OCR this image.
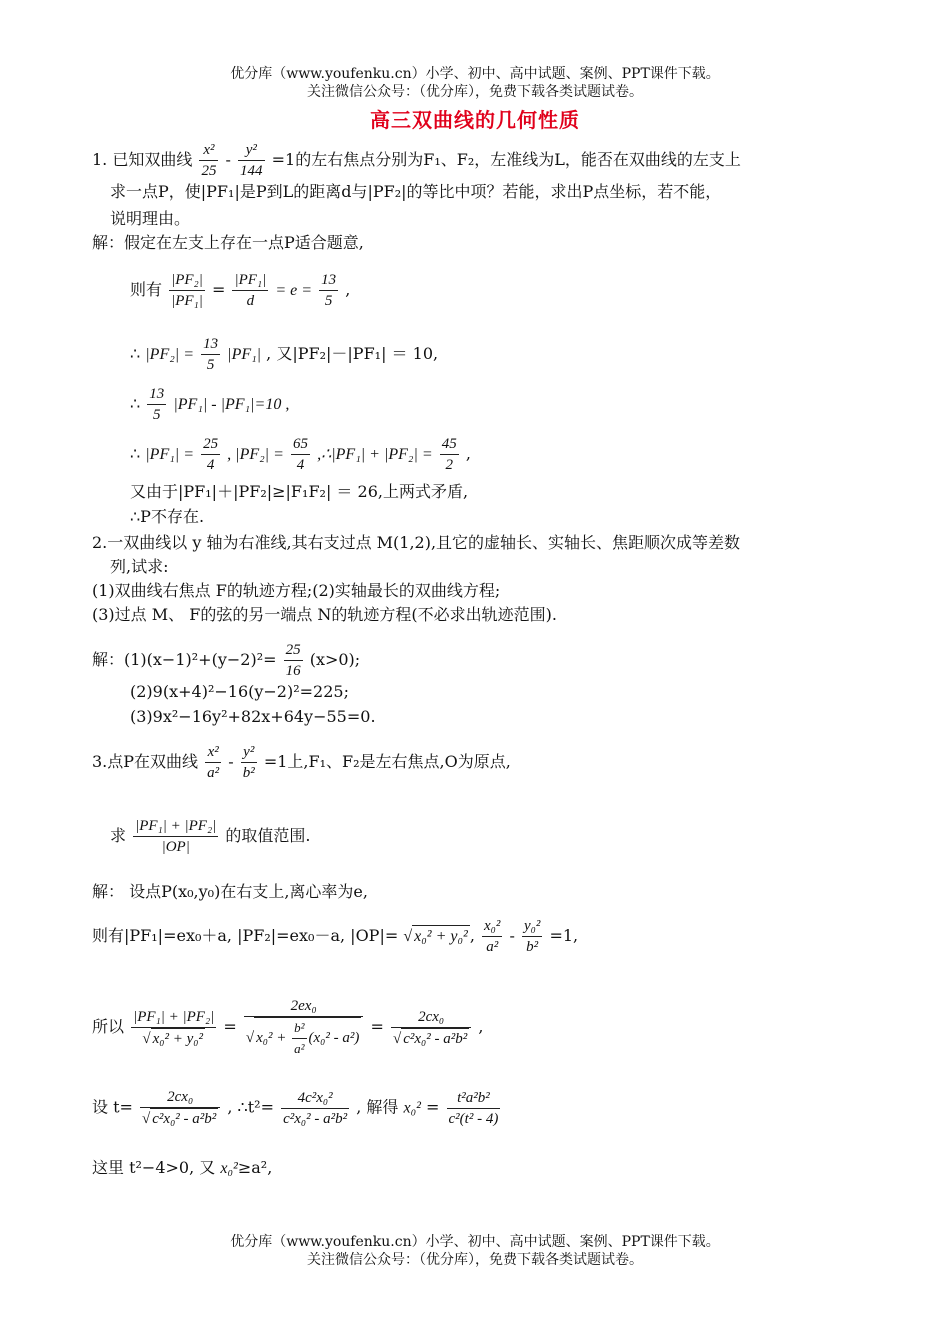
优分库（www.youfenku.cn）小学、初中、高中试题、案例、PPT课件下载。
关注微信公众号：（优分库），免费下载各类试题试卷。
高三双曲线的几何性质
1. 已知双曲线 $\frac{\text{x²}}{25} - \frac{\text{y²}}{144} =1$的左右焦点分别为F₁、F₂，左准线为L，能否在双曲线的左支上
求一点P，使|PF₁|是P到L的距离d与|PF₂|的等比中项？若能，求出P点坐标，若不能，
说明理由。
解：假定在左支上存在一点P适合题意,
则有 $\frac{\text{|PF₂|}}{\text{|PF₁|}} = \frac{\text{|PF₁|}}{d} = e = \frac{13}{5}$ ,
∴ $|PF_2| = \frac{13}{5} |PF_1|$ , 又|PF₂|－|PF₁| ＝ 10,
∴ $\frac{13}{5} |PF_1| - |PF_1|=10$ ,
∴ $|PF_1| = \frac{25}{4}$ , $|PF_2| = \frac{65}{4}$ ,∴|PF₁| + $|PF_2| = \frac{45}{2}$ ,
又由于|PF₁|＋|PF₂|≥|F₁F₂| ＝ 26,上两式矛盾,
∴P不存在.
2.一双曲线以 y 轴为右准线,其右支过点 M(1,2),且它的虚轴长、实轴长、焦距顺次成等差数
列,试求:
(1)双曲线右焦点 F的轨迹方程;(2)实轴最长的双曲线方程;
(3)过点 M、 F的弦的另一端点 N的轨迹方程(不必求出轨迹范围).
解：$(1)(x-1)^2+(y-2)^2= \frac{25}{16} (x>0)$;
(2)9(x+4)²−16(y−2)²=225;
(3)9x²−16y²+82x+64y−55=0.
3.点P在双曲线 $\frac{\text{x²}}{\text{a²}} - \frac{\text{y²}}{\text{b²}} =1$上,F₁、F₂是左右焦点,O为原点,
求 $\frac{\text{|PF₁| + |PF₂|}}{|OP|}$ 的取值范围.
解： 设点P(x₀,y₀)在右支上,离心率为e,
则有|PF₁|=ex₀＋a, |PF₂|=ex₀－a, |OP|= √ x₀² + y₀² , $\frac{\text{x₀²}}{\text{a²}} - \frac{\text{y₀²}}{\text{b²}} =1$,
所以 |PF₁| + |PF₂|
√ x₀² + y₀² = 2ex₀
√ $x_0^2 + \frac{\text{b²}}{\text{a²}} (x_0^2 - a^2) = 2cx_0$
√ c²x₀² - a²b² ,
设 t= 2cx₀
√ c²x₀² - a²b² , ∴t²= $\frac{\text{4c²x₀²}}{\text{c²x₀² - a²b²}}$ , 解得 $x_0^2 = \frac{\text{t²a²b²}}{\text{c²(t² - 4)}}$
这里 t²−4>0, 又 x₀²≥a²,
优分库（www.youfenku.cn）小学、初中、高中试题、案例、PPT课件下载。
关注微信公众号：（优分库），免费下载各类试题试卷。
